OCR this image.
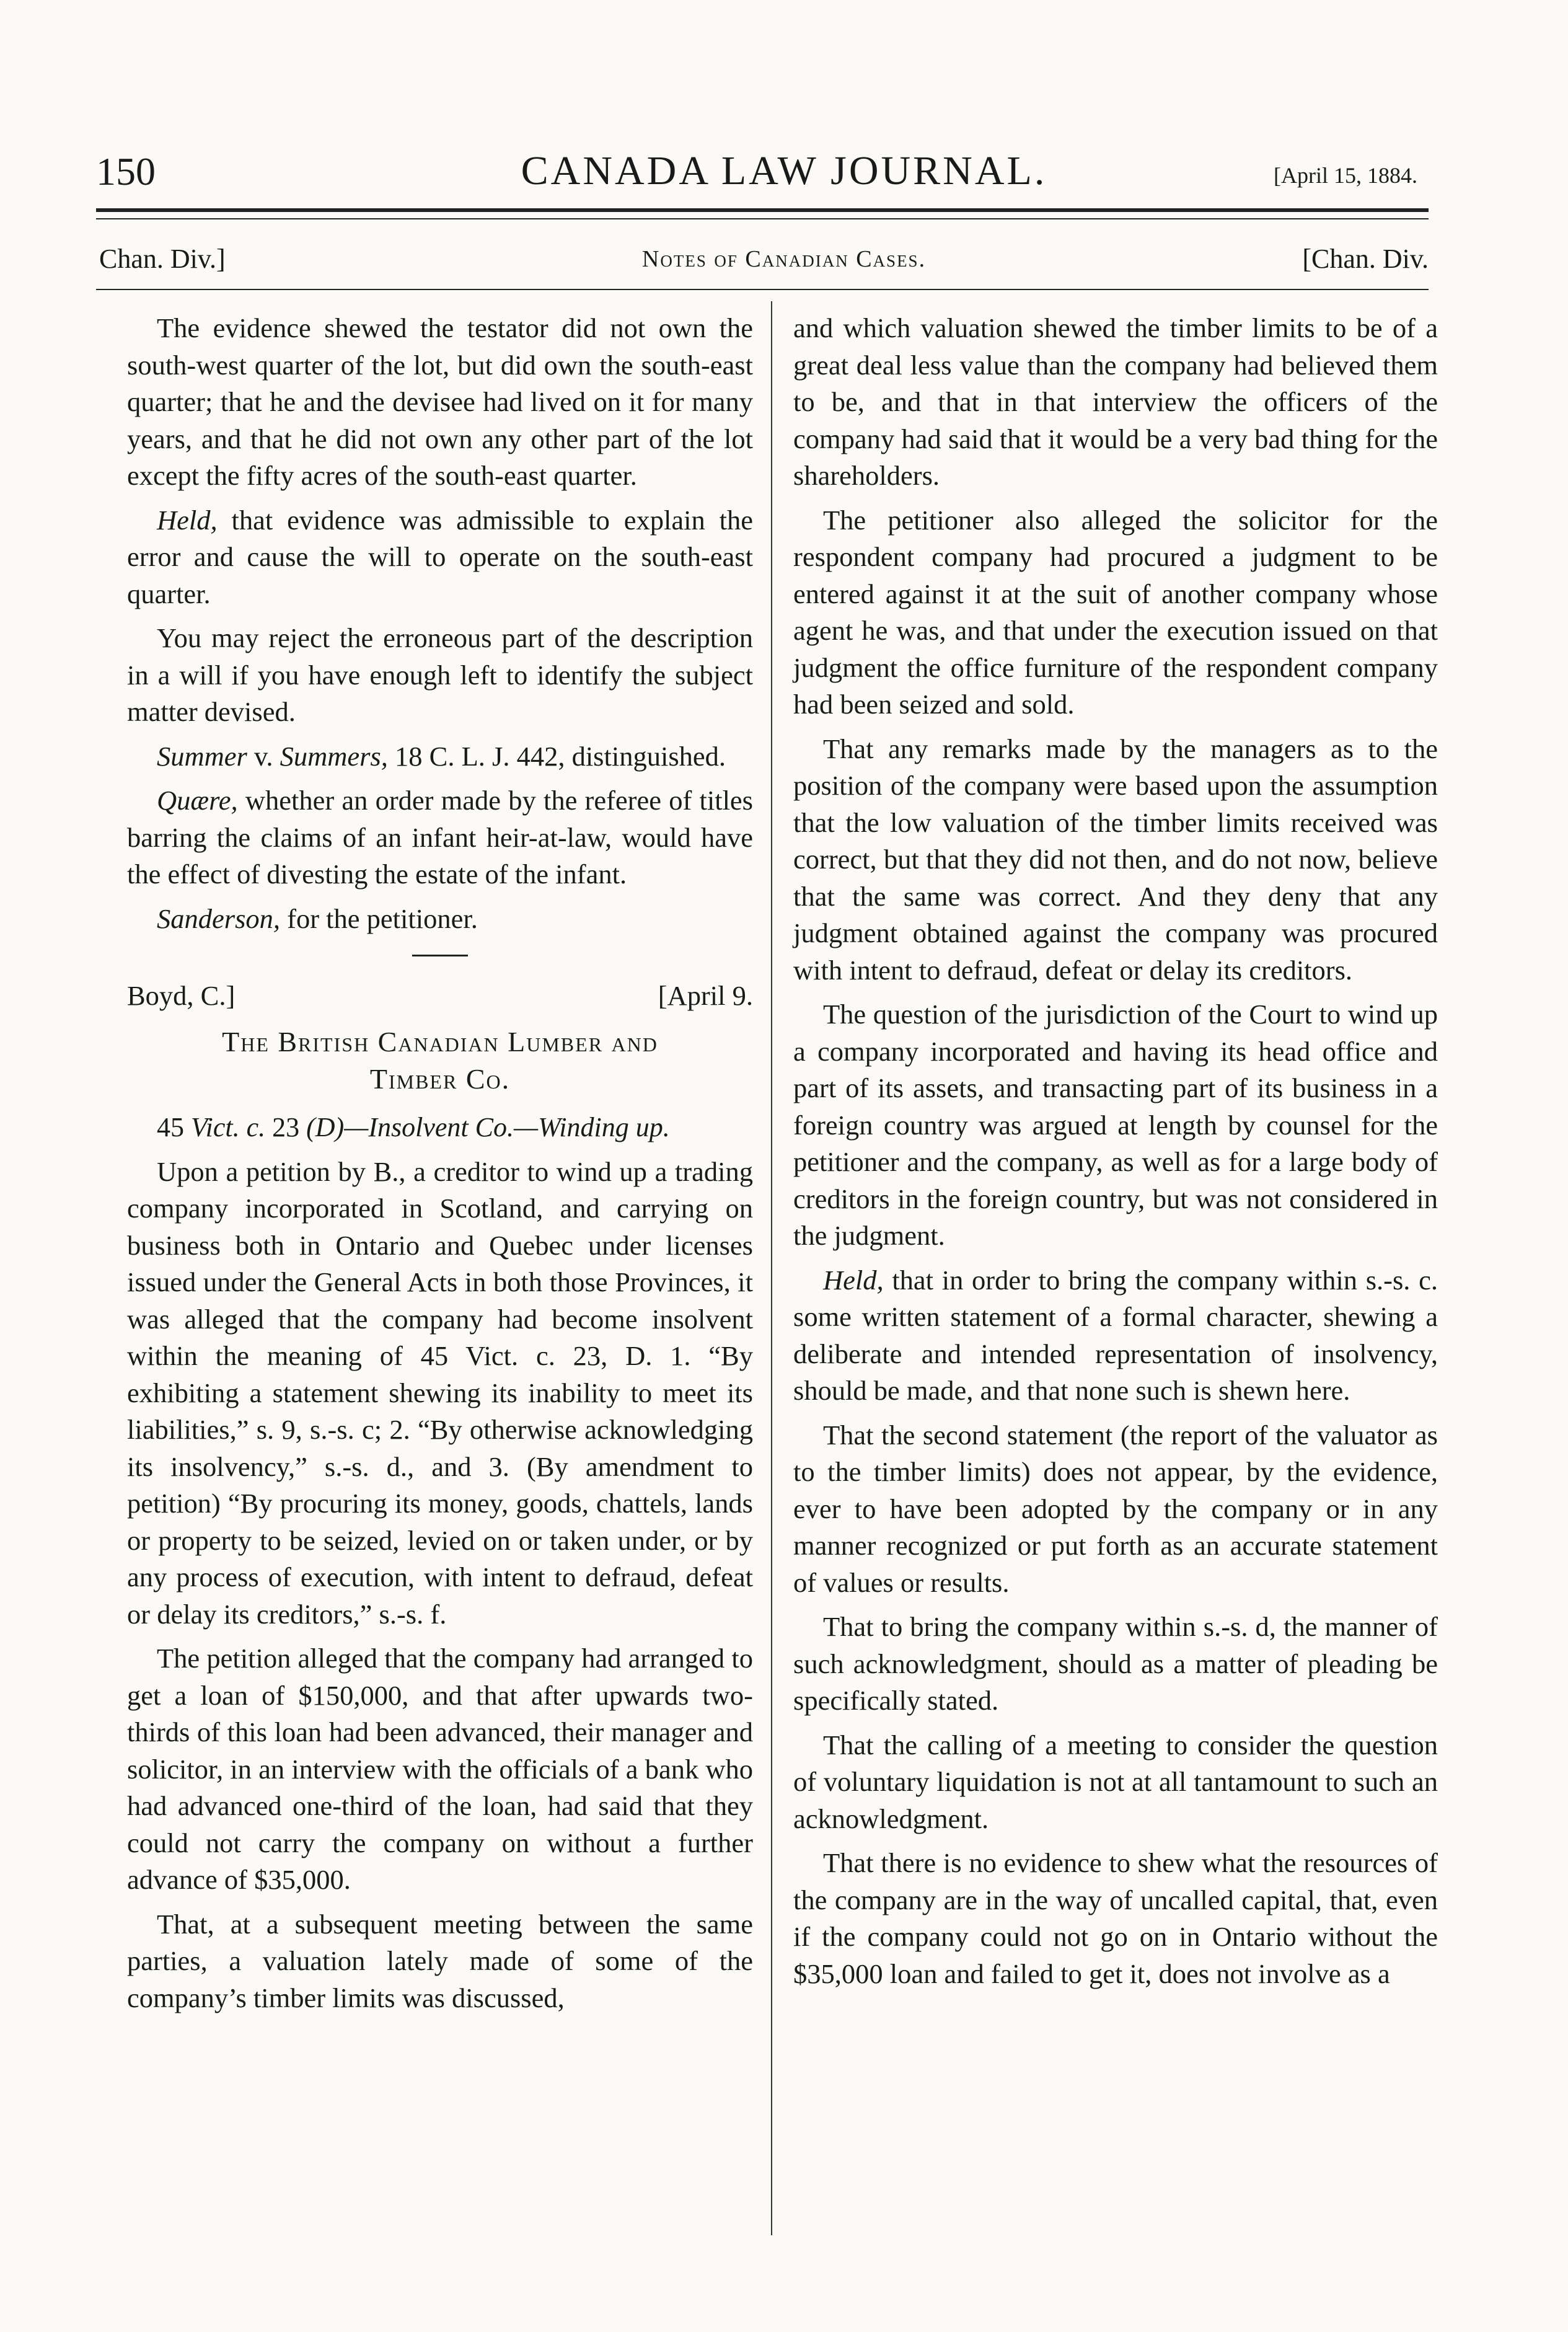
150	CANADA LAW JOURNAL.	[April 15, 1884.
Chan. Div.]	Notes of Canadian Cases.	[Chan. Div.

The evidence shewed the testator did not own the south-west quarter of the lot, but did own the south-east quarter; that he and the devisee had lived on it for many years, and that he did not own any other part of the lot except the fifty acres of the south-east quarter.

Held, that evidence was admissible to explain the error and cause the will to operate on the south-east quarter.

You may reject the erroneous part of the description in a will if you have enough left to identify the subject matter devised.

Summer v. Summers, 18 C. L. J. 442, distinguished.

Quære, whether an order made by the referee of titles barring the claims of an infant heir-at-law, would have the effect of divesting the estate of the infant.

Sanderson, for the petitioner.

Boyd, C.]	[April 9.
The British Canadian Lumber and
Timber Co.

45 Vict. c. 23 (D)—Insolvent Co.—Winding up.

Upon a petition by B., a creditor to wind up a trading company incorporated in Scotland, and carrying on business both in Ontario and Quebec under licenses issued under the General Acts in both those Provinces, it was alleged that the company had become insolvent within the meaning of 45 Vict. c. 23, D. 1. “By exhibiting a statement shewing its inability to meet its liabilities,” s. 9, s.-s. c; 2. “By otherwise acknowledging its insolvency,” s.-s. d., and 3. (By amendment to petition) “By procuring its money, goods, chattels, lands or property to be seized, levied on or taken under, or by any process of execution, with intent to defraud, defeat or delay its creditors,” s.-s. f.

The petition alleged that the company had arranged to get a loan of $150,000, and that after upwards two-thirds of this loan had been advanced, their manager and solicitor, in an interview with the officials of a bank who had advanced one-third of the loan, had said that they could not carry the company on without a further advance of $35,000.

That, at a subsequent meeting between the same parties, a valuation lately made of some of the company’s timber limits was discussed,

and which valuation shewed the timber limits to be of a great deal less value than the company had believed them to be, and that in that interview the officers of the company had said that it would be a very bad thing for the shareholders.

The petitioner also alleged the solicitor for the respondent company had procured a judgment to be entered against it at the suit of another company whose agent he was, and that under the execution issued on that judgment the office furniture of the respondent company had been seized and sold.

That any remarks made by the managers as to the position of the company were based upon the assumption that the low valuation of the timber limits received was correct, but that they did not then, and do not now, believe that the same was correct. And they deny that any judgment obtained against the company was procured with intent to defraud, defeat or delay its creditors.

The question of the jurisdiction of the Court to wind up a company incorporated and having its head office and part of its assets, and transacting part of its business in a foreign country was argued at length by counsel for the petitioner and the company, as well as for a large body of creditors in the foreign country, but was not considered in the judgment.

Held, that in order to bring the company within s.-s. c. some written statement of a formal character, shewing a deliberate and intended representation of insolvency, should be made, and that none such is shewn here.

That the second statement (the report of the valuator as to the timber limits) does not appear, by the evidence, ever to have been adopted by the company or in any manner recognized or put forth as an accurate statement of values or results.

That to bring the company within s.-s. d, the manner of such acknowledgment, should as a matter of pleading be specifically stated.

That the calling of a meeting to consider the question of voluntary liquidation is not at all tantamount to such an acknowledgment.

That there is no evidence to shew what the resources of the company are in the way of uncalled capital, that, even if the company could not go on in Ontario without the $35,000 loan and failed to get it, does not involve as a
